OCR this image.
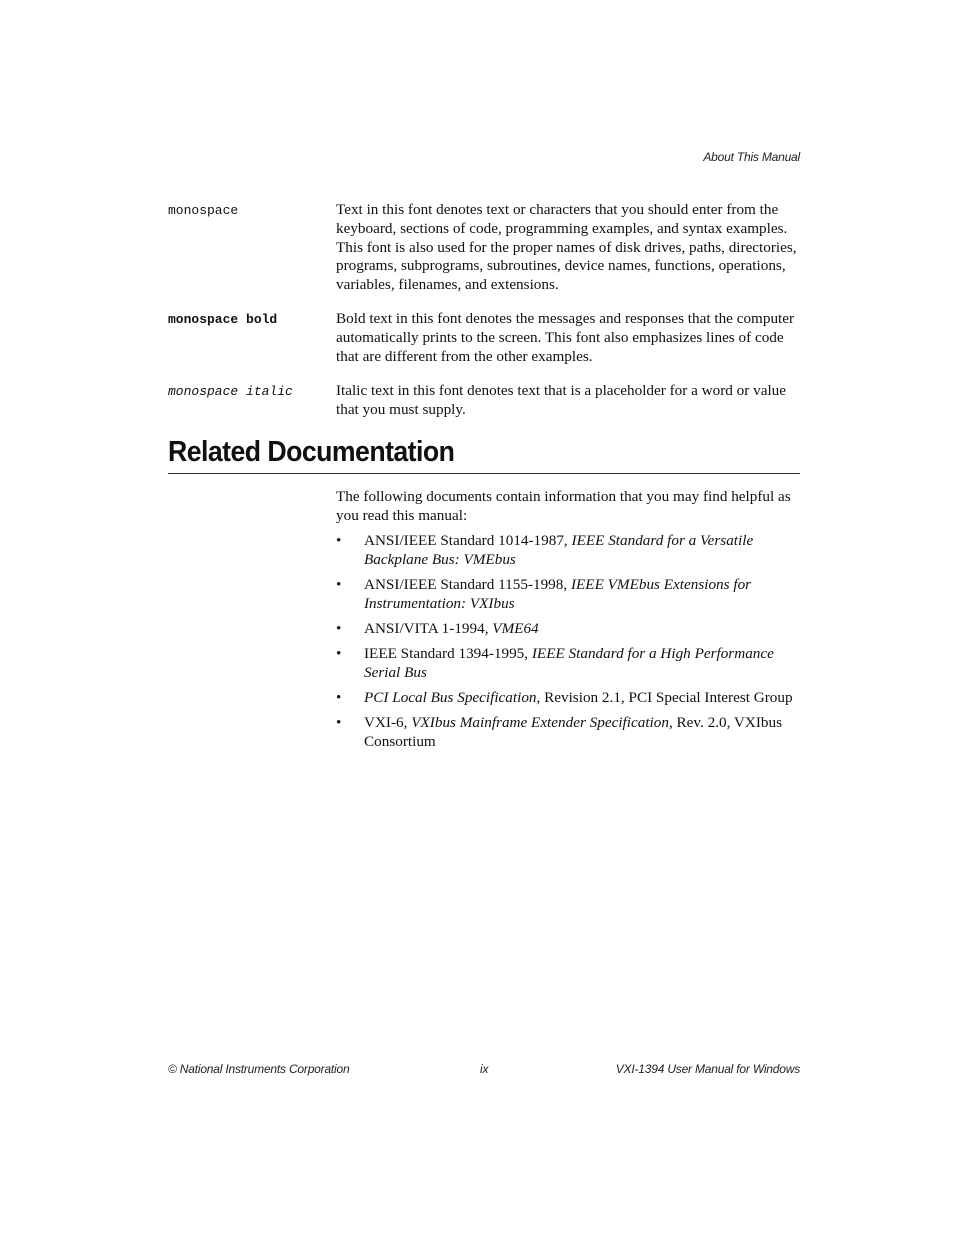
About This Manual
monospace	Text in this font denotes text or characters that you should enter from the
keyboard, sections of code, programming examples, and syntax examples.
This font is also used for the proper names of disk drives, paths, directories,
programs, subprograms, subroutines, device names, functions, operations,
variables, filenames, and extensions.
monospace bold	Bold text in this font denotes the messages and responses that the computer
automatically prints to the screen. This font also emphasizes lines of code
that are different from the other examples.
monospace italic	Italic text in this font denotes text that is a placeholder for a word or value
that you must supply.
Related Documentation
The following documents contain information that you may find helpful as
you read this manual:
• ANSI/IEEE Standard 1014-1987, IEEE Standard for a Versatile
Backplane Bus: VMEbus
• ANSI/IEEE Standard 1155-1998, IEEE VMEbus Extensions for
Instrumentation: VXIbus
• ANSI/VITA 1-1994, VME64
• IEEE Standard 1394-1995, IEEE Standard for a High Performance
Serial Bus
• PCI Local Bus Specification, Revision 2.1, PCI Special Interest Group
• VXI-6, VXIbus Mainframe Extender Specification, Rev. 2.0, VXIbus
Consortium
© National Instruments Corporation	ix	VXI-1394 User Manual for Windows
